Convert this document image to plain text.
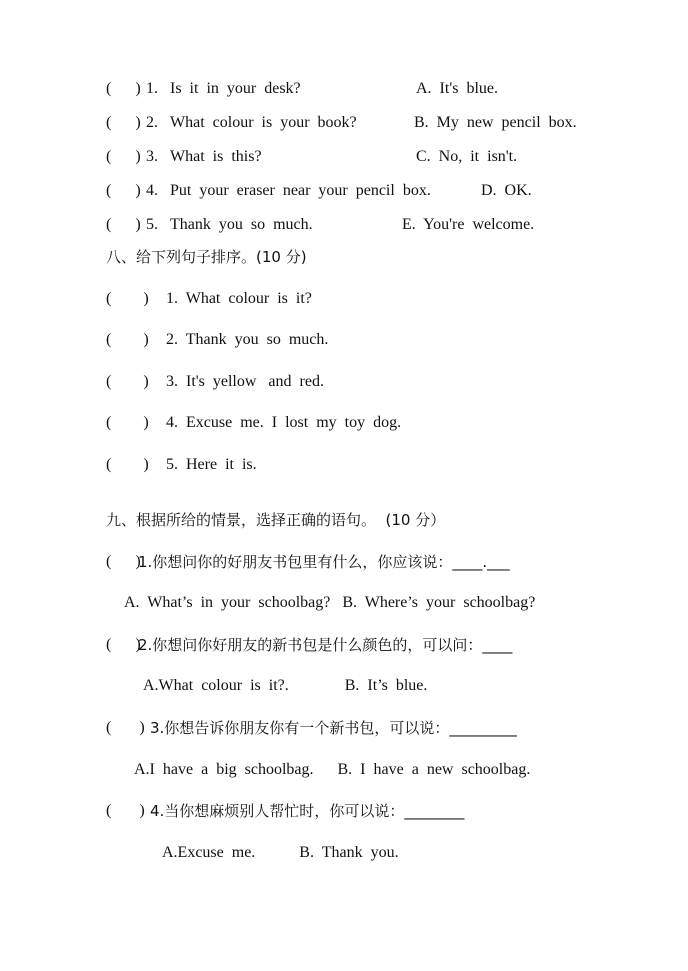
(      ) 1. Is  it  in  your  desk?	A.  It's  blue.
(      ) 2. What  colour  is  your  book?	B.  My  new  pencil  box.
(      ) 3. What  is  this?	C.  No,  it  isn't.
(      ) 4. Put  your  eraser  near  your  pencil  box.	D.  OK.
(      ) 5. Thank  you  so  much.	E.  You're  welcome.
八、给下列句子排序。(10 分)
(        ) 1.  What  colour  is  it?
(        ) 2.  Thank  you  so  much.
(        ) 3.  It's  yellow   and  red.
(        ) 4.  Excuse  me.  I  lost  my  toy  dog.
(        ) 5.  Here  it  is.
九、根据所给的情景，选择正确的语句。  (10 分）
(      )
1.你想问你的好朋友书包里有什么，你应该说：____.___
A.  What’s  in  your  schoolbag?   B.  Where’s  your  schoolbag?
(      )
2.你想问你好朋友的新书包是什么颜色的，可以问：____
A.What  colour  is  it?.              B.  It’s  blue.
(       ) 3.你想告诉你朋友你有一个新书包，可以说：_________
A.I  have  a  big  schoolbag.      B.  I  have  a  new  schoolbag.
(       ) 4.当你想麻烦别人帮忙时，你可以说：________
A.Excuse  me.           B.  Thank  you.
